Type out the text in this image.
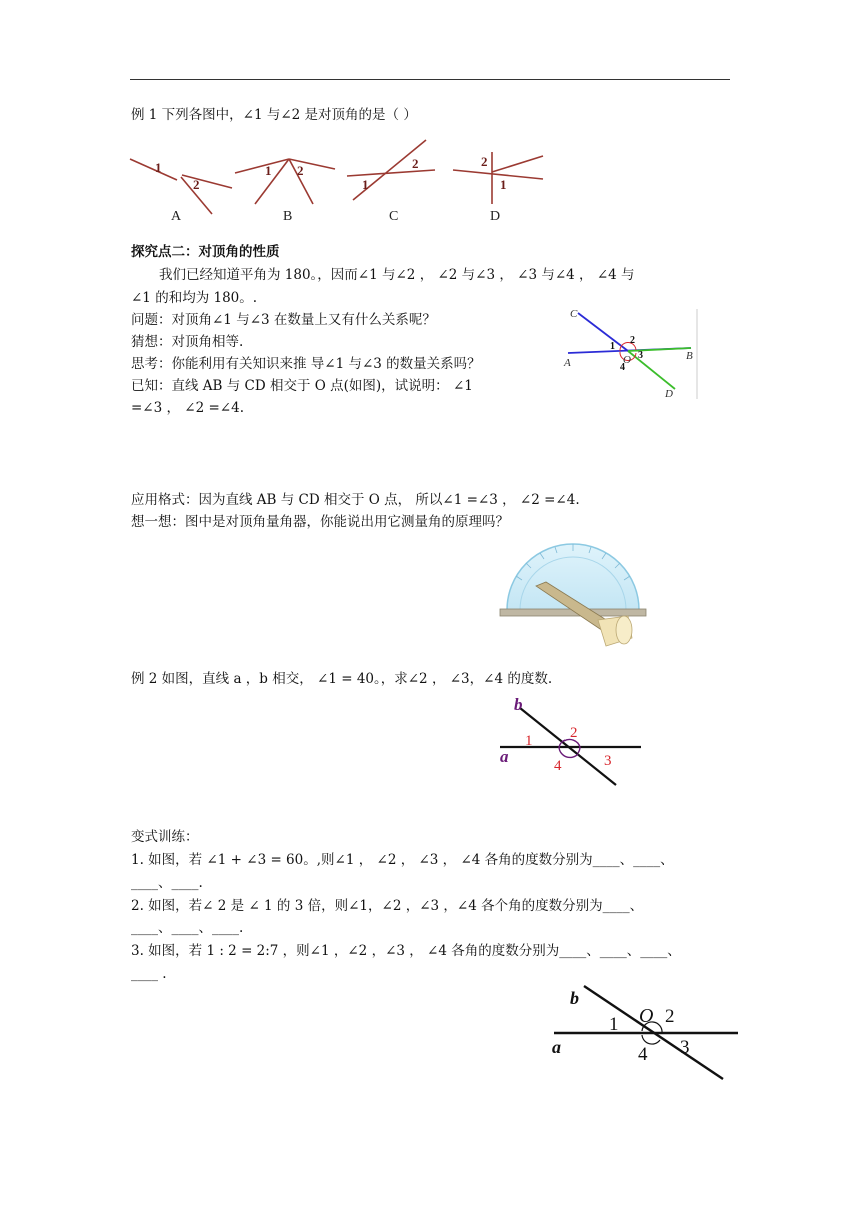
例 1 下列各图中，∠1 与∠2 是对顶角的是（ ）
1
2
1 2
1
2	2
1
A	B	C	D
探究点二：对顶角的性质
我们已经知道平角为 180。，因而∠1 与∠2 ， ∠2 与∠3 ， ∠3 与∠4 ， ∠4 与
∠1 的和均为 180。.
问题：对顶角∠1 与∠3 在数量上又有什么关系呢？
猜想：对顶角相等.
思考：你能利用有关知识来推 导∠1 与∠3 的数量关系吗？
已知：直线 AB 与 CD 相交于 O 点(如图)，试说明： ∠1
=∠3 ， ∠2 =∠4.
C
A
B
D
O
1
2
3
4
应用格式：因为直线 AB 与 CD 相交于 O 点， 所以∠1 =∠3 ， ∠2 =∠4.
想一想：图中是对顶角量角器，你能说出用它测量角的原理吗？
例 2 如图，直线 a ，b 相交， ∠1 = 40。，求∠2 ， ∠3，∠4 的度数.
b
a
1	2
3
4
变式训练：
1. 如图，若 ∠1 + ∠3 = 60。,则∠1 ， ∠2 ， ∠3 ， ∠4 各角的度数分别为____、____、
____、____.
2. 如图，若∠ 2 是 ∠ 1 的 3 倍，则∠1，∠2 ，∠3 ，∠4 各个角的度数分别为____、
____、____、____.
3. 如图，若 1 : 2 = 2:7 ，则∠1 ，∠2 ，∠3 ， ∠4 各角的度数分别为____、____、____、
____ .
b
a
O
1 2
3
4
